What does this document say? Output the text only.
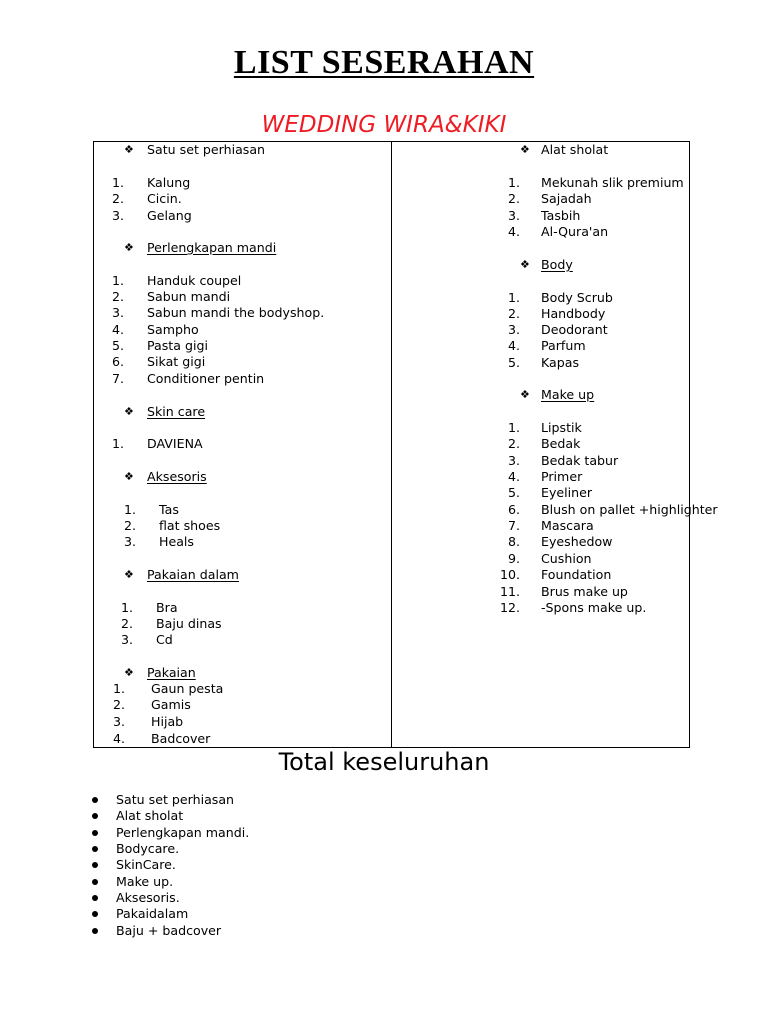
LIST SESERAHAN
WEDDING WIRA&KIKI
❖ Satu set perhiasan
1. Kalung
2. Cicin.
3. Gelang
❖ Perlengkapan mandi
1. Handuk coupel
2. Sabun mandi
3. Sabun mandi the bodyshop.
4. Sampho
5. Pasta gigi
6. Sikat gigi
7. Conditioner pentin
❖ Skin care
1. DAVIENA
❖ Aksesoris
1. Tas
2. flat shoes
3. Heals
❖ Pakaian dalam
1. Bra
2. Baju dinas
3. Cd
❖ Pakaian
1. Gaun pesta
2. Gamis
3. Hijab
4. Badcover
❖ Alat sholat
1. Mekunah slik premium
2. Sajadah
3. Tasbih
4. Al-Qura'an
❖ Body
1. Body Scrub
2. Handbody
3. Deodorant
4. Parfum
5. Kapas
❖ Make up
1. Lipstik
2. Bedak
3. Bedak tabur
4. Primer
5. Eyeliner
6. Blush on pallet +highlighter
7. Mascara
8. Eyeshedow
9. Cushion
10. Foundation
11. Brus make up
12. -Spons make up.
Total keseluruhan
Satu set perhiasan
Alat sholat
Perlengkapan mandi.
Bodycare.
SkinCare.
Make up.
Aksesoris.
Pakaidalam
Baju + badcover
